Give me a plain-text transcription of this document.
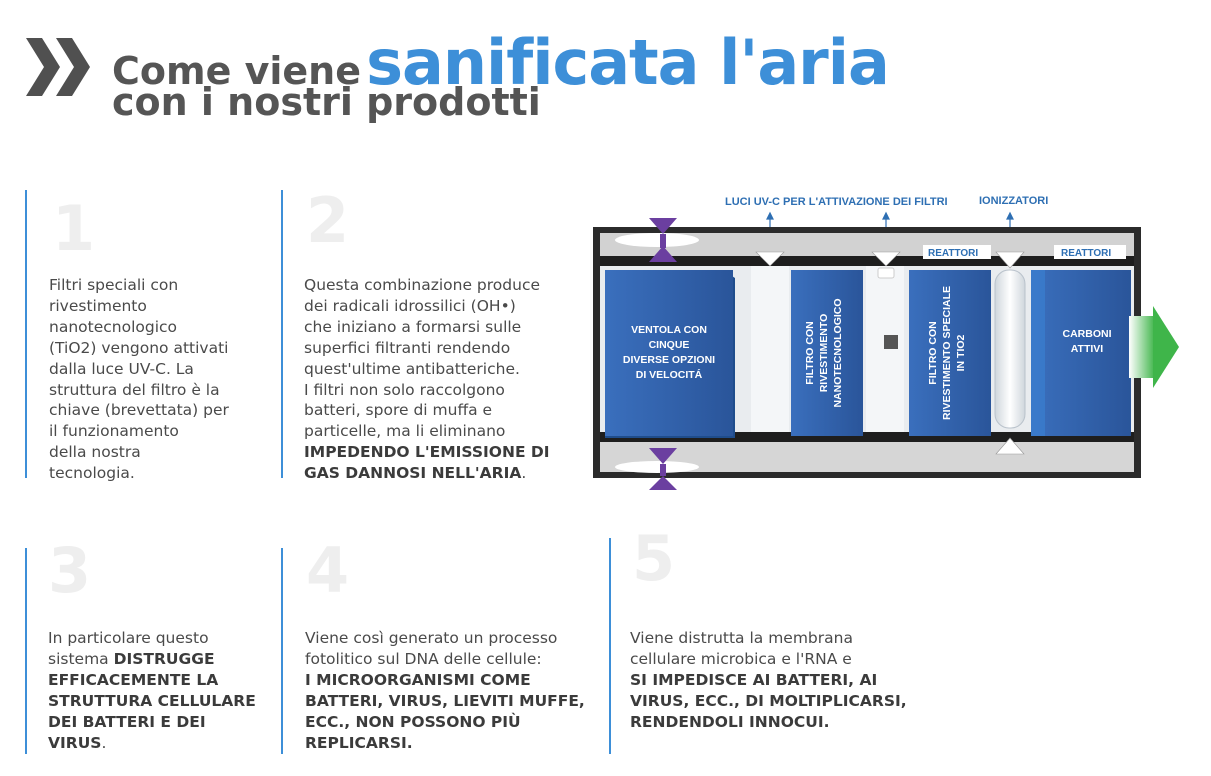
Come viene sanificata l'aria
con i nostri prodotti
1	2
3	4	5
Filtri speciali con
rivestimento
nanotecnologico
(TiO2) vengono attivati
dalla luce UV-C. La
struttura del filtro è la
chiave (brevettata) per
il funzionamento
della nostra
tecnologia.
Questa combinazione produce
dei radicali idrossilici (OH•)
che iniziano a formarsi sulle
superfici filtranti rendendo
quest'ultime antibatteriche.
I filtri non solo raccolgono
batteri, spore di muffa e
particelle, ma li eliminano
IMPEDENDO L'EMISSIONE DI
GAS DANNOSI NELL'ARIA.
In particolare questo
sistema DISTRUGGE
EFFICACEMENTE LA
STRUTTURA CELLULARE
DEI BATTERI E DEI
VIRUS.
Viene così generato un processo
fotolitico sul DNA delle cellule:
I MICROORGANISMI COME
BATTERI, VIRUS, LIEVITI MUFFE,
ECC., NON POSSONO PIÙ
REPLICARSI.
Viene distrutta la membrana
cellulare microbica e l'RNA e
SI IMPEDISCE AI BATTERI, AI
VIRUS, ECC., DI MOLTIPLICARSI,
RENDENDOLI INNOCUI.
LUCI UV-C PER L'ATTIVAZIONE DEI FILTRI	IONIZZATORI
REATTORI	REATTORI
VENTOLA CON
CINQUE
DIVERSE OPZIONI
DI VELOCITÁ	FILTRO CON RIVESTIMENTO NANOTECNOLOGICO	FILTRO CON RIVESTIMENTO SPECIALE IN TIO2
CARBONI
ATTIVI
